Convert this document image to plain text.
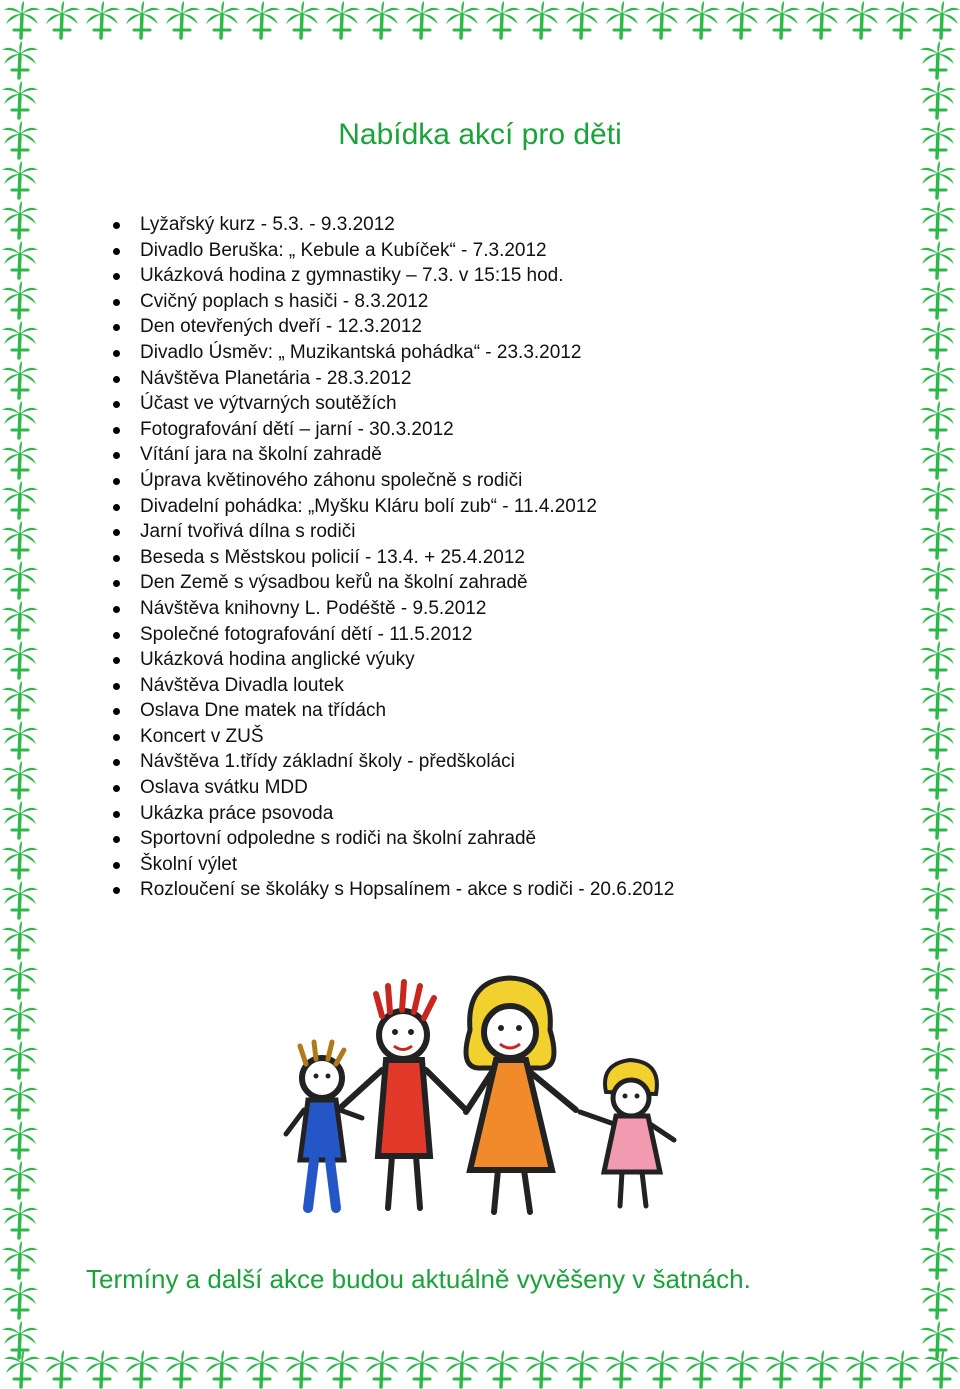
Nabídka akcí pro děti
Lyžařský kurz - 5.3. - 9.3.2012
Divadlo Beruška: „ Kebule a Kubíček“ - 7.3.2012
Ukázková hodina z gymnastiky – 7.3. v 15:15 hod.
Cvičný poplach s hasiči - 8.3.2012
Den otevřených dveří - 12.3.2012
Divadlo Úsměv: „ Muzikantská pohádka“ - 23.3.2012
Návštěva Planetária - 28.3.2012
Účast ve výtvarných soutěžích
Fotografování dětí – jarní - 30.3.2012
Vítání jara na školní zahradě
Úprava květinového záhonu společně s rodiči
Divadelní pohádka: „Myšku Kláru bolí zub“ - 11.4.2012
Jarní tvořivá dílna s rodiči
Beseda s Městskou policií - 13.4. + 25.4.2012
Den Země s výsadbou keřů na školní zahradě
Návštěva knihovny L. Podéště - 9.5.2012
Společné fotografování dětí - 11.5.2012
Ukázková hodina anglické výuky
Návštěva Divadla loutek
Oslava Dne matek na třídách
Koncert v ZUŠ
Návštěva 1.třídy základní školy - předškoláci
Oslava svátku MDD
Ukázka práce psovoda
Sportovní odpoledne s rodiči na školní zahradě
Školní výlet
Rozloučení se školáky s Hopsalínem - akce s rodiči - 20.6.2012

Termíny a další akce budou aktuálně vyvěšeny v šatnách.
